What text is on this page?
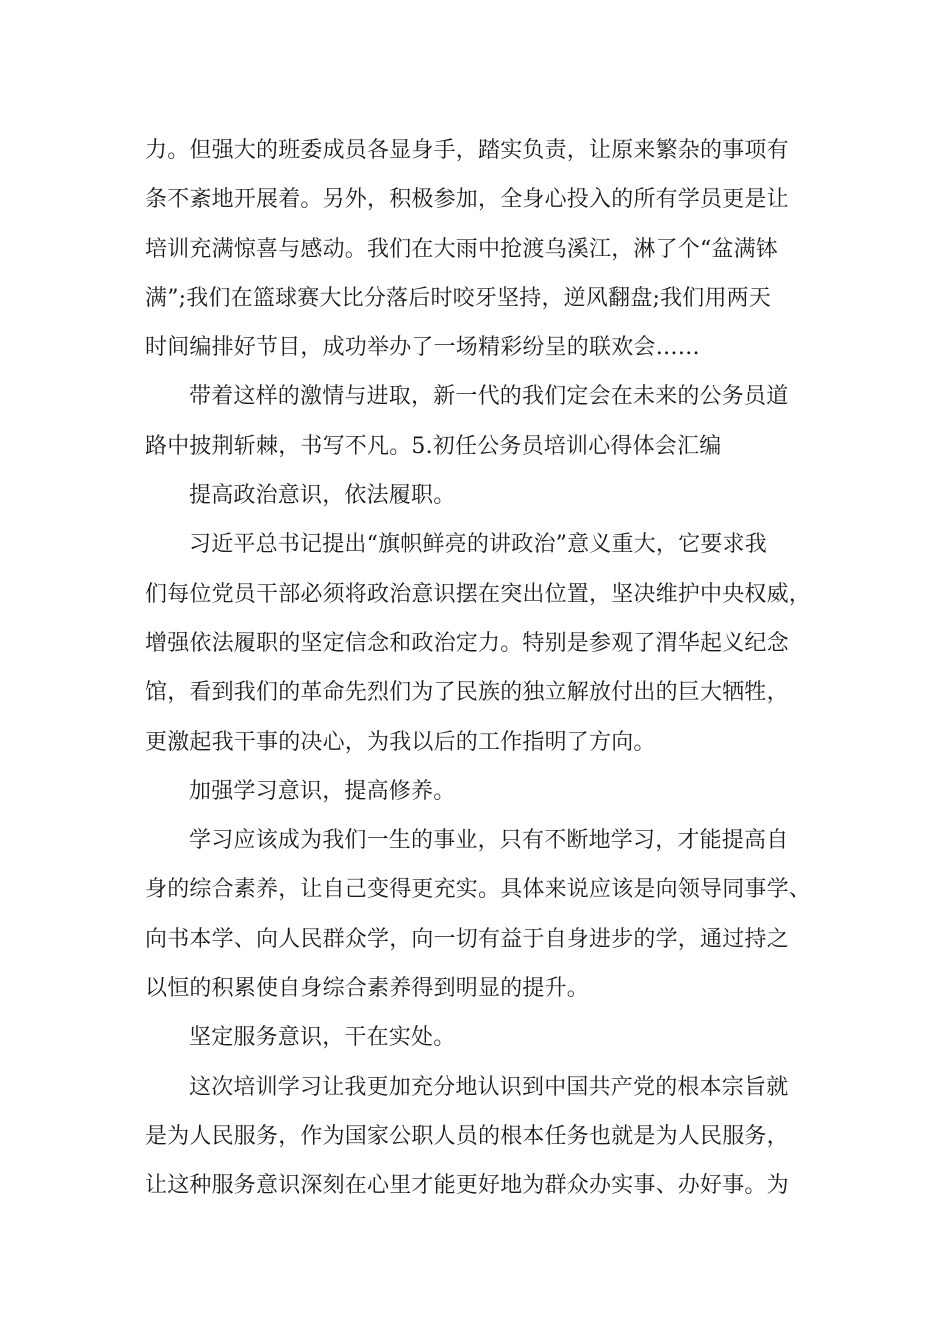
力。但强大的班委成员各显身手，踏实负责，让原来繁杂的事项有
条不紊地开展着。另外，积极参加，全身心投入的所有学员更是让
培训充满惊喜与感动。我们在大雨中抢渡乌溪江，淋了个“盆满钵
满”;我们在篮球赛大比分落后时咬牙坚持，逆风翻盘;我们用两天
时间编排好节目，成功举办了一场精彩纷呈的联欢会……
带着这样的激情与进取，新一代的我们定会在未来的公务员道
路中披荆斩棘，书写不凡。5.初任公务员培训心得体会汇编
提高政治意识，依法履职。
习近平总书记提出“旗帜鲜亮的讲政治”意义重大，它要求我
们每位党员干部必须将政治意识摆在突出位置，坚决维护中央权威，
增强依法履职的坚定信念和政治定力。特别是参观了渭华起义纪念
馆，看到我们的革命先烈们为了民族的独立解放付出的巨大牺牲，
更激起我干事的决心，为我以后的工作指明了方向。
加强学习意识，提高修养。
学习应该成为我们一生的事业，只有不断地学习，才能提高自
身的综合素养，让自己变得更充实。具体来说应该是向领导同事学、
向书本学、向人民群众学，向一切有益于自身进步的学，通过持之
以恒的积累使自身综合素养得到明显的提升。
坚定服务意识，干在实处。
这次培训学习让我更加充分地认识到中国共产党的根本宗旨就
是为人民服务，作为国家公职人员的根本任务也就是为人民服务，
让这种服务意识深刻在心里才能更好地为群众办实事、办好事。为
